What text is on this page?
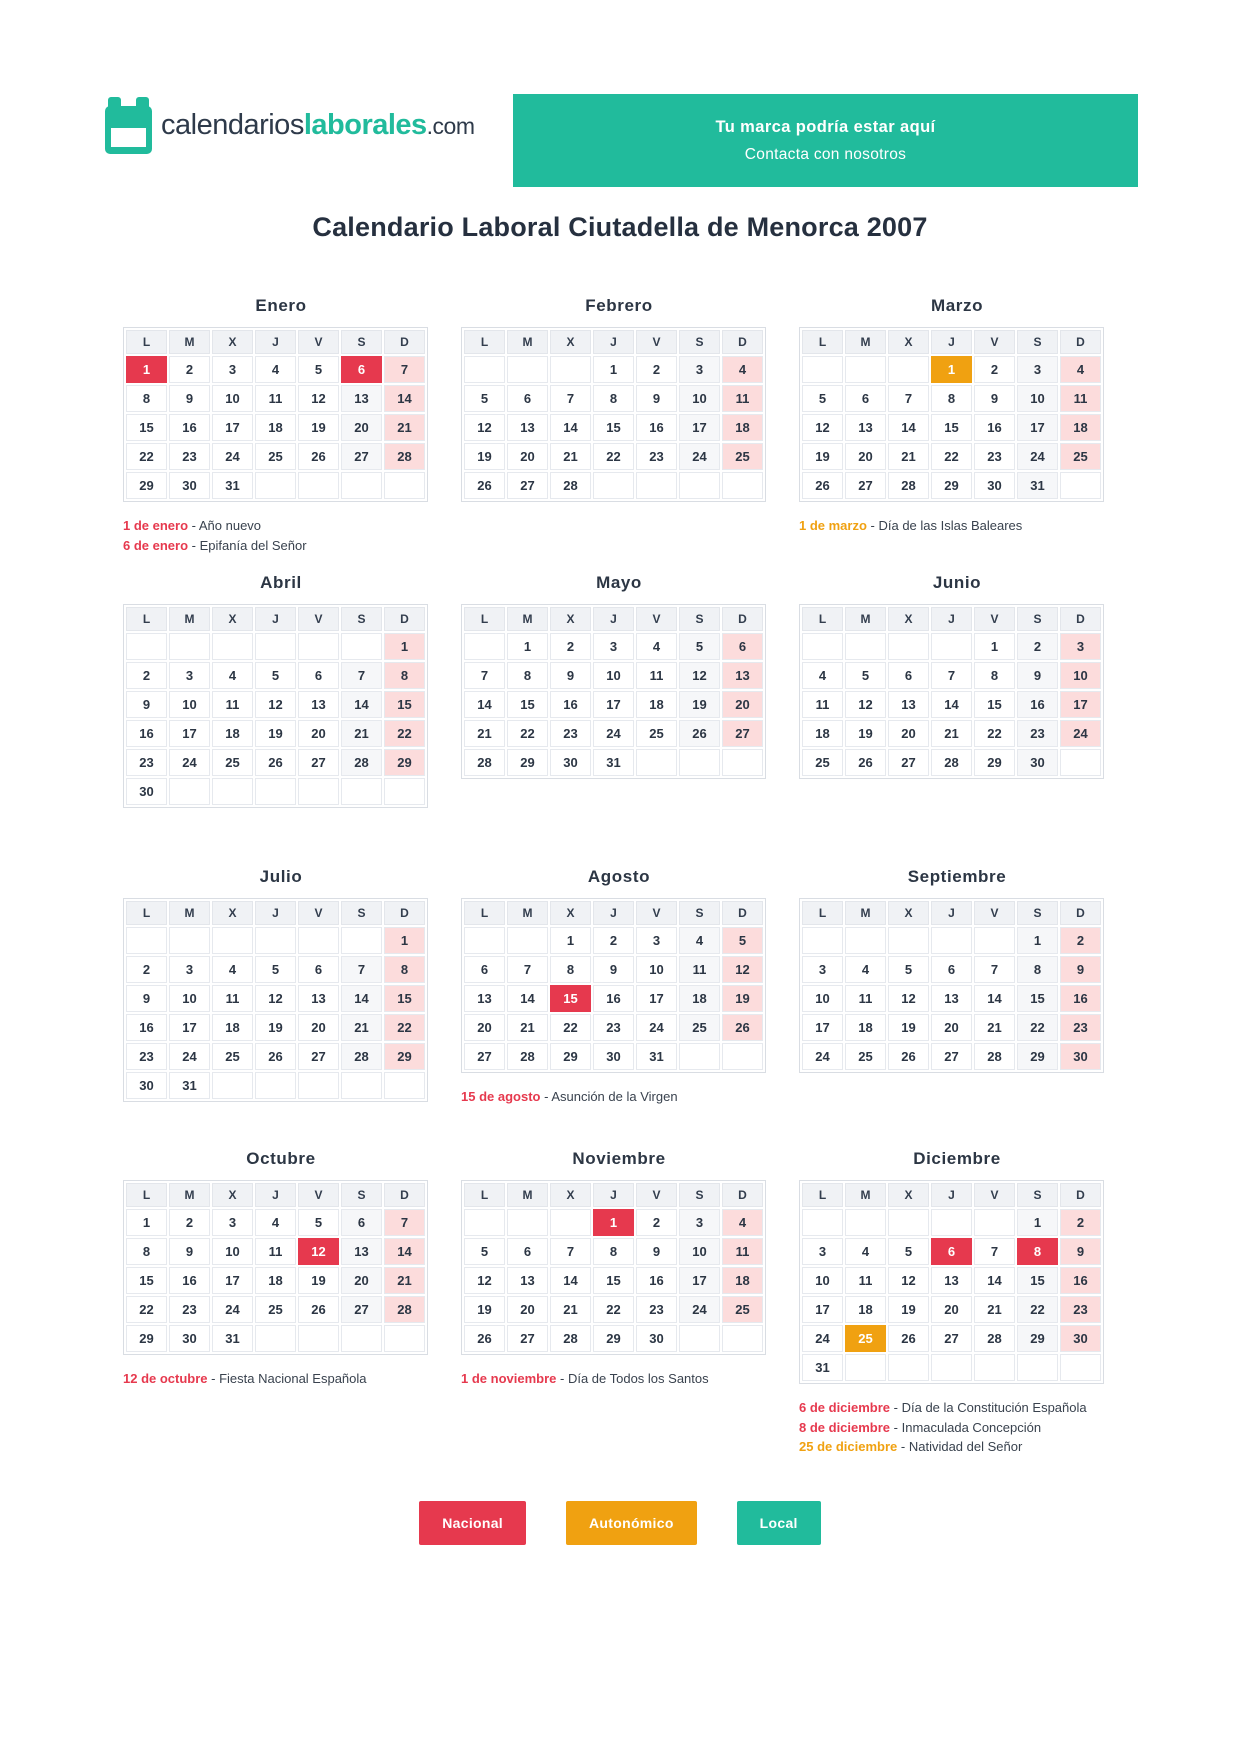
calendarioslaborales.com	Tu marca podría estar aquí
Contacta con nosotros
Calendario Laboral Ciutadella de Menorca 2007
Enero
L	M	X	J	V	S	D
1	2	3	4	5	6	7
8	9	10	11	12	13	14
15	16	17	18	19	20	21
22	23	24	25	26	27	28
29	30	31				
1 de enero - Año nuevo
6 de enero - Epifanía del Señor
Febrero
L	M	X	J	V	S	D
			1	2	3	4
5	6	7	8	9	10	11
12	13	14	15	16	17	18
19	20	21	22	23	24	25
26	27	28				
Marzo
L	M	X	J	V	S	D
			1	2	3	4
5	6	7	8	9	10	11
12	13	14	15	16	17	18
19	20	21	22	23	24	25
26	27	28	29	30	31	
1 de marzo - Día de las Islas Baleares
Abril
L	M	X	J	V	S	D
						1
2	3	4	5	6	7	8
9	10	11	12	13	14	15
16	17	18	19	20	21	22
23	24	25	26	27	28	29
30						
Mayo
L	M	X	J	V	S	D
	1	2	3	4	5	6
7	8	9	10	11	12	13
14	15	16	17	18	19	20
21	22	23	24	25	26	27
28	29	30	31			
Junio
L	M	X	J	V	S	D
				1	2	3
4	5	6	7	8	9	10
11	12	13	14	15	16	17
18	19	20	21	22	23	24
25	26	27	28	29	30	
Julio
L	M	X	J	V	S	D
						1
2	3	4	5	6	7	8
9	10	11	12	13	14	15
16	17	18	19	20	21	22
23	24	25	26	27	28	29
30	31					
Agosto
L	M	X	J	V	S	D
		1	2	3	4	5
6	7	8	9	10	11	12
13	14	15	16	17	18	19
20	21	22	23	24	25	26
27	28	29	30	31		
15 de agosto - Asunción de la Virgen
Septiembre
L	M	X	J	V	S	D
					1	2
3	4	5	6	7	8	9
10	11	12	13	14	15	16
17	18	19	20	21	22	23
24	25	26	27	28	29	30
Octubre
L	M	X	J	V	S	D
1	2	3	4	5	6	7
8	9	10	11	12	13	14
15	16	17	18	19	20	21
22	23	24	25	26	27	28
29	30	31				
12 de octubre - Fiesta Nacional Española
Noviembre
L	M	X	J	V	S	D
			1	2	3	4
5	6	7	8	9	10	11
12	13	14	15	16	17	18
19	20	21	22	23	24	25
26	27	28	29	30		
1 de noviembre - Día de Todos los Santos
Diciembre
L	M	X	J	V	S	D
					1	2
3	4	5	6	7	8	9
10	11	12	13	14	15	16
17	18	19	20	21	22	23
24	25	26	27	28	29	30
31						
6 de diciembre - Día de la Constitución Española
8 de diciembre - Inmaculada Concepción
25 de diciembre - Natividad del Señor
Nacional	Autonómico	Local
